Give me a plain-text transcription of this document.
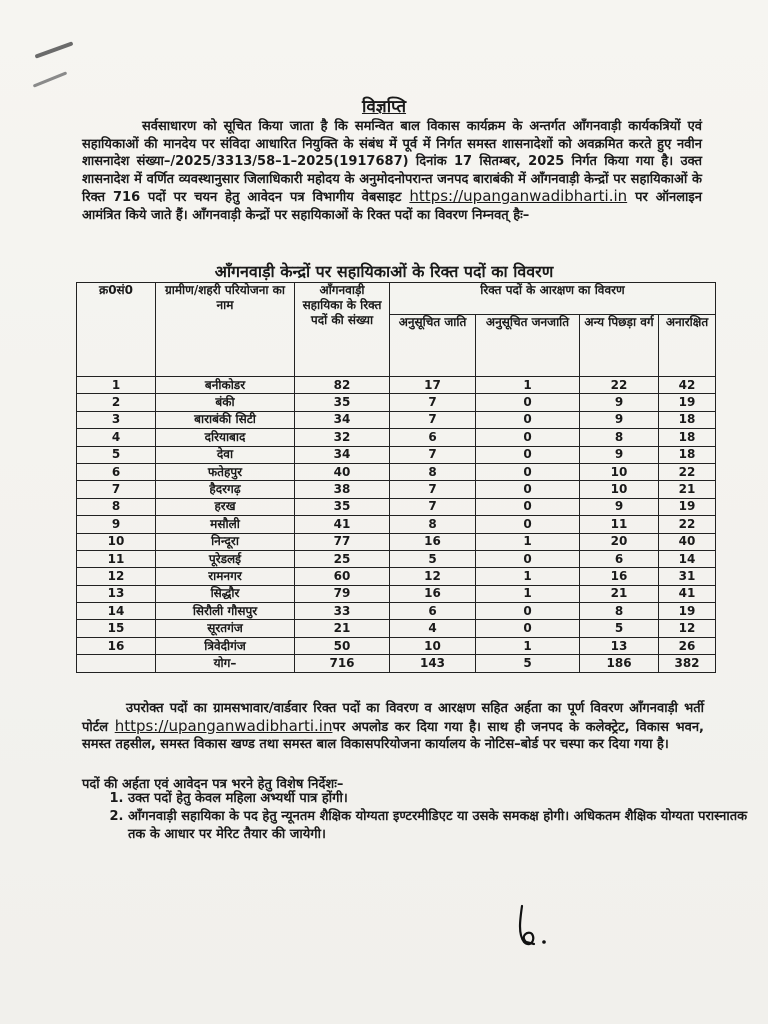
विज्ञप्ति
सर्वसाधारण को सूचित किया जाता है कि समन्वित बाल विकास कार्यक्रम के अन्तर्गत आँगनवाड़ी कार्यकत्रियों एवं सहायिकाओं की मानदेय पर संविदा आधारित नियुक्ति के संबंध में पूर्व में निर्गत समस्त शासनादेशों को अवक्रमित करते हुए नवीन शासनादेश संख्या–/2025/3313/58–1–2025(1917687) दिनांक 17 सितम्बर, 2025 निर्गत किया गया है। उक्त शासनादेश में वर्णित व्यवस्थानुसार जिलाधिकारी महोदय के अनुमोदनोपरान्त जनपद बाराबंकी में आँगनवाड़ी केन्द्रों पर सहायिकाओं के रिक्त 716 पदों पर चयन हेतु आवेदन पत्र विभागीय वेबसाइट https://upanganwadibharti.in पर ऑनलाइन आमंत्रित किये जाते हैं। आँगनवाड़ी केन्द्रों पर सहायिकाओं के रिक्त पदों का विवरण निम्नवत् हैः–
आँगनवाड़ी केन्द्रों पर सहायिकाओं के रिक्त पदों का विवरण
क्र0सं0	ग्रामीण/शहरी परियोजना का नाम	आँगनवाड़ी सहायिका के रिक्त पदों की संख्या	रिक्त पदों के आरक्षण का विवरण			
			अनुसूचित जाति	अनुसूचित जनजाति	अन्य पिछड़ा वर्ग	अनारक्षित
1	बनीकोडर	82	17	1	22	42
2	बंकी	35	7	0	9	19
3	बाराबंकी सिटी	34	7	0	9	18
4	दरियाबाद	32	6	0	8	18
5	देवा	34	7	0	9	18
6	फतेहपुर	40	8	0	10	22
7	हैदरगढ़	38	7	0	10	21
8	हरख	35	7	0	9	19
9	मसौली	41	8	0	11	22
10	निन्दूरा	77	16	1	20	40
11	पूरेडलई	25	5	0	6	14
12	रामनगर	60	12	1	16	31
13	सिद्धौर	79	16	1	21	41
14	सिरौली गौसपुर	33	6	0	8	19
15	सूरतगंज	21	4	0	5	12
16	त्रिवेदीगंज	50	10	1	13	26
	योग–	716	143	5	186	382
उपरोक्त पदों का ग्रामसभावार/वार्डवार रिक्त पदों का विवरण व आरक्षण सहित अर्हता का पूर्ण विवरण आँगनवाड़ी भर्ती पोर्टल https://upanganwadibharti.inपर अपलोड कर दिया गया है। साथ ही जनपद के कलेक्ट्रेट, विकास भवन, समस्त तहसील, समस्त विकास खण्ड तथा समस्त बाल विकासपरियोजना कार्यालय के नोटिस–बोर्ड पर चस्पा कर दिया गया है।
पदों की अर्हता एवं आवेदन पत्र भरने हेतु विशेष निर्देशः–
1. उक्त पदों हेतु केवल महिला अभ्यर्थी पात्र होंगी।
2. आँगनवाड़ी सहायिका के पद हेतु न्यूनतम शैक्षिक योग्यता इण्टरमीडिएट या उसके समकक्ष होगी। अधिकतम शैक्षिक योग्यता परास्नातक तक के आधार पर मेरिट तैयार की जायेगी।
